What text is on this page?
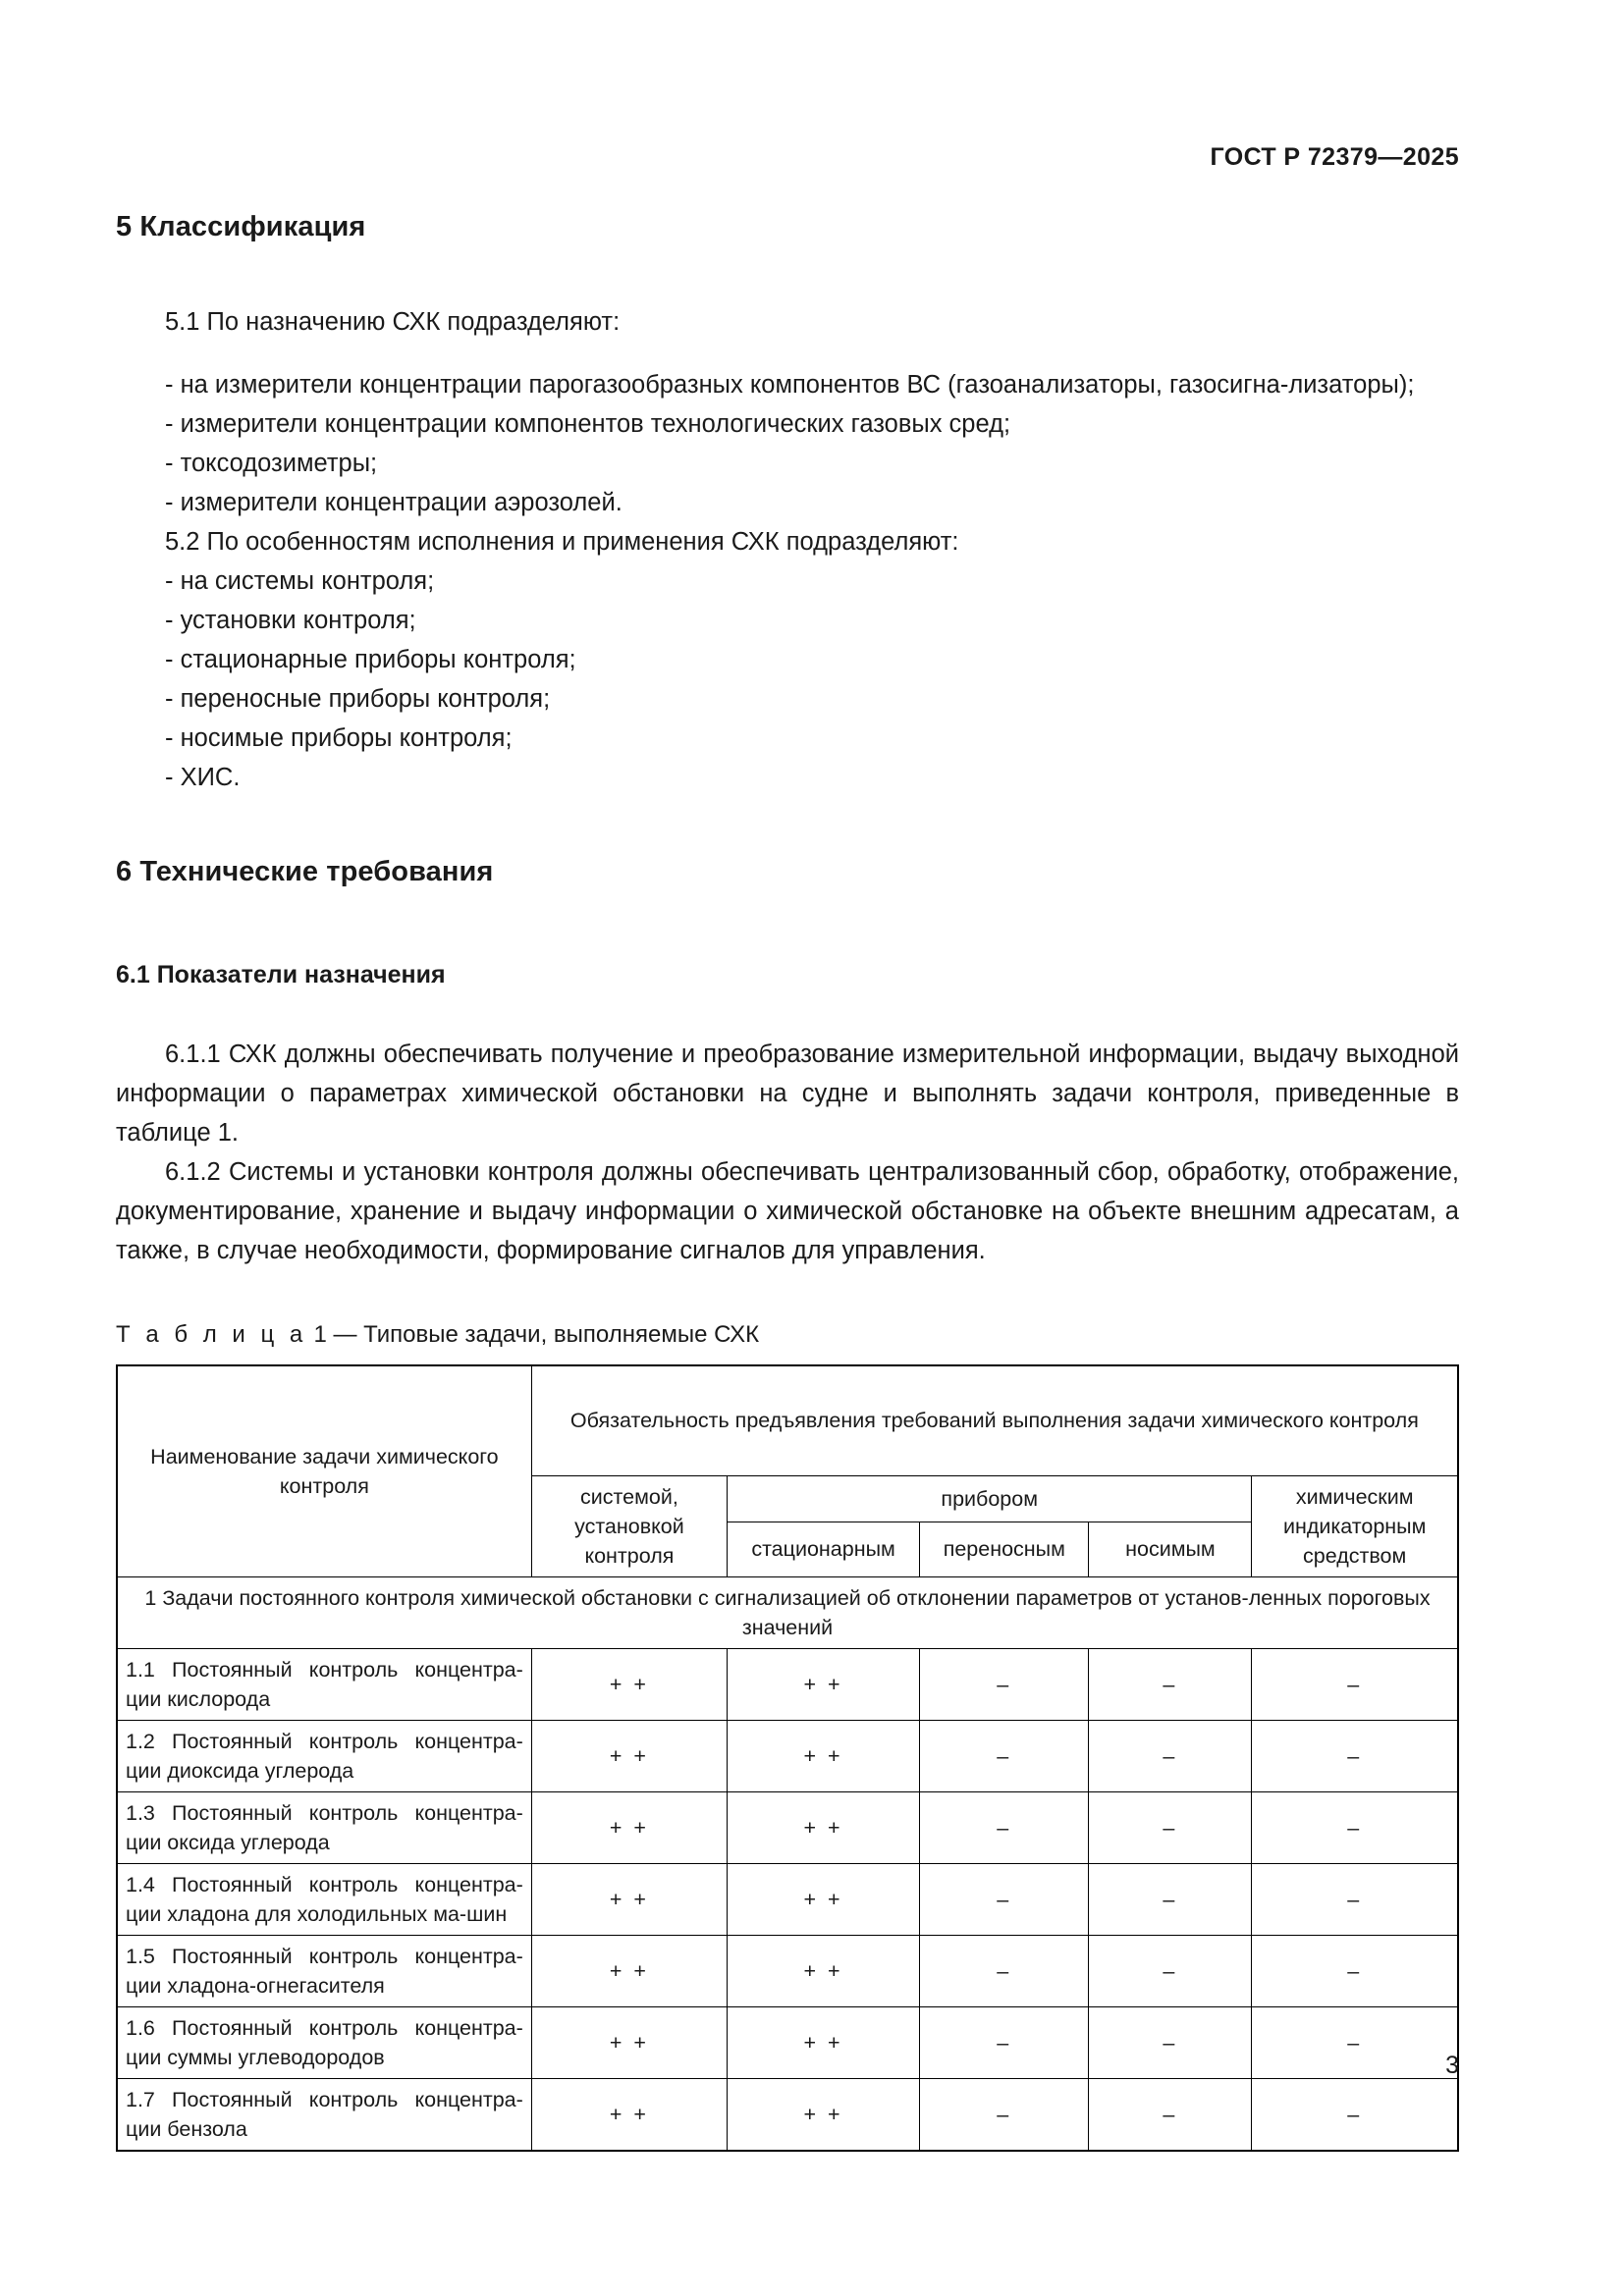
ГОСТ Р 72379—2025
5 Классификация

5.1 По назначению СХК подразделяют:

- на измерители концентрации парогазообразных компонентов ВС (газоанализаторы, газосигна-лизаторы);

- измерители концентрации компонентов технологических газовых сред;

- токсодозиметры;

- измерители концентрации аэрозолей.

5.2 По особенностям исполнения и применения СХК подразделяют:

- на системы контроля;

- установки контроля;

- стационарные приборы контроля;

- переносные приборы контроля;

- носимые приборы контроля;

- ХИС.

6 Технические требования
6.1 Показатели назначения

6.1.1 СХК должны обеспечивать получение и преобразование измерительной информации, выдачу выходной информации о параметрах химической обстановки на судне и выполнять задачи контроля, приведенные в таблице 1.

6.1.2 Системы и установки контроля должны обеспечивать централизованный сбор, обработку, отображение, документирование, хранение и выдачу информации о химической обстановке на объекте внешним адресатам, а также, в случае необходимости, формирование сигналов для управления.

Т а б л и ц а 1 — Типовые задачи, выполняемые СХК

Наименование задачи химического контроля	Обязательность предъявления требований выполнения задачи химического контроля				
	системой, установкой контроля	прибором			химическим индикаторным средством
		стационарным	переносным	носимым	
1 Задачи постоянного контроля химической обстановки с сигнализацией об отклонении параметров от установ-ленных пороговых значений					
1.1 Постоянный контроль концентра-ции кислорода	+ +	+ +	–	–	–
1.2 Постоянный контроль концентра-ции диоксида углерода	+ +	+ +	–	–	–
1.3 Постоянный контроль концентра-ции оксида углерода	+ +	+ +	–	–	–
1.4 Постоянный контроль концентра-ции хладона для холодильных ма-шин	+ +	+ +	–	–	–
1.5 Постоянный контроль концентра-ции хладона-огнегасителя	+ +	+ +	–	–	–
1.6 Постоянный контроль концентра-ции суммы углеводородов	+ +	+ +	–	–	–
1.7 Постоянный контроль концентра-ции бензола	+ +	+ +	–	–	–
3
